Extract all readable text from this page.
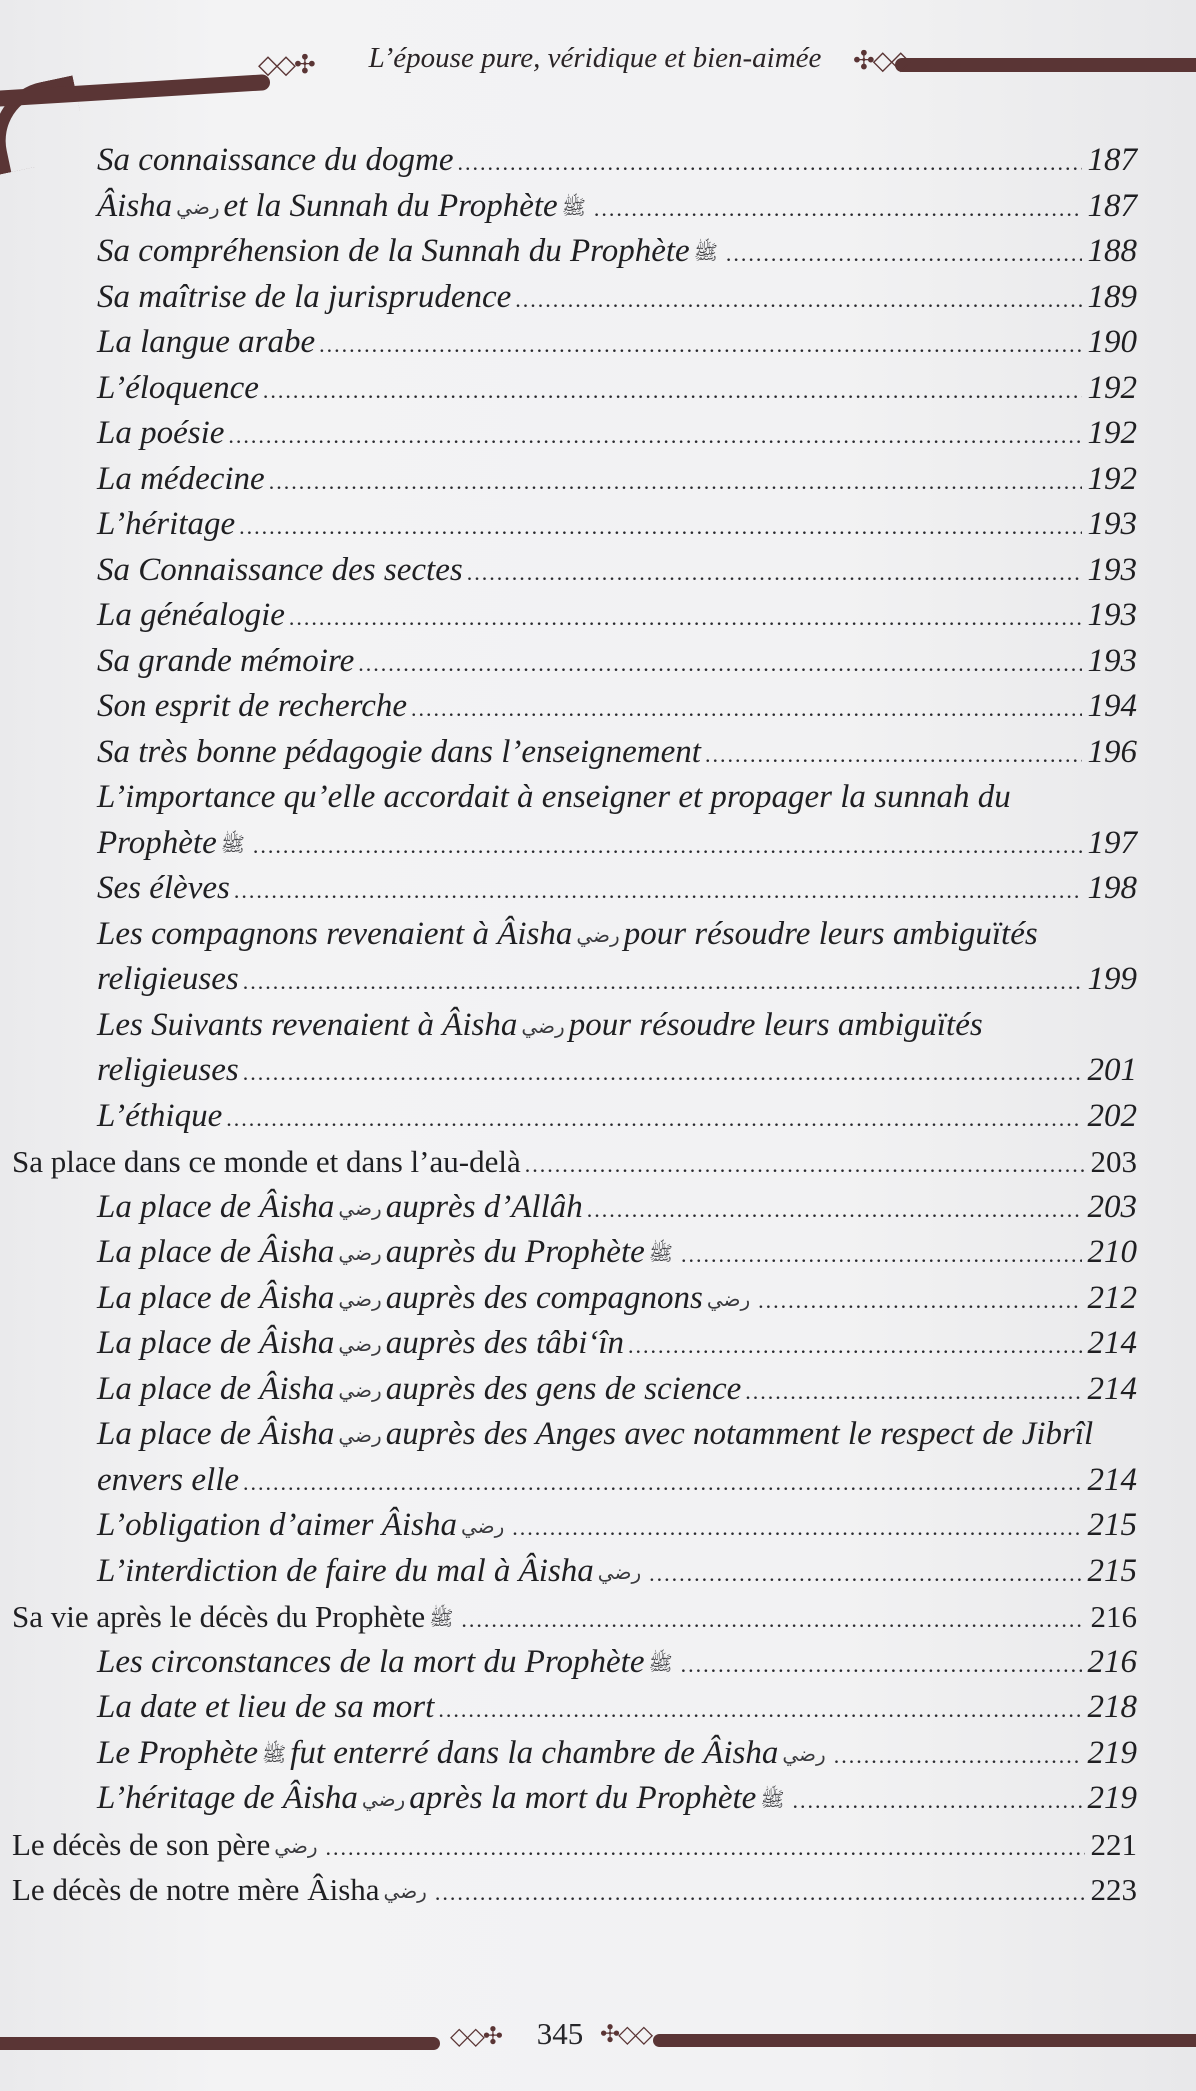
◇◇✣	L’épouse pure, véridique et bien-aimée	✣◇◇
Sa connaissance du dogme .....	187
Âisha رضي et la Sunnah du Prophète ﷺ .....	187
Sa compréhension de la Sunnah du Prophète ﷺ .....	188
Sa maîtrise de la jurisprudence .....	189
La langue arabe .....	190
L’éloquence .....	192
La poésie .....	192
La médecine .....	192
L’héritage .....	193
Sa Connaissance des sectes .....	193
La généalogie .....	193
Sa grande mémoire .....	193
Son esprit de recherche .....	194
Sa très bonne pédagogie dans l’enseignement .....	196
L’importance qu’elle accordait à enseigner et propager la sunnah du
Prophète ﷺ .....	197
Ses élèves .....	198
Les compagnons revenaient à Âisha رضي pour résoudre leurs ambiguïtés
religieuses .....	199
Les Suivants revenaient à Âisha رضي pour résoudre leurs ambiguïtés
religieuses .....	201
L’éthique .....	202
Sa place dans ce monde et dans l’au-delà .....	203
La place de Âisha رضي auprès d’Allâh .....	203
La place de Âisha رضي auprès du Prophète ﷺ .....	210
La place de Âisha رضي auprès des compagnons رضي .....	212
La place de Âisha رضي auprès des tâbi‘în .....	214
La place de Âisha رضي auprès des gens de science .....	214
La place de Âisha رضي auprès des Anges avec notamment le respect de Jibrîl
envers elle .....	214
L’obligation d’aimer Âisha رضي .....	215
L’interdiction de faire du mal à Âisha رضي .....	215
Sa vie après le décès du Prophète ﷺ .....	216
Les circonstances de la mort du Prophète ﷺ .....	216
La date et lieu de sa mort .....	218
Le Prophète ﷺ fut enterré dans la chambre de Âisha رضي .....	219
L’héritage de Âisha رضي après la mort du Prophète ﷺ .....	219
Le décès de son père رضي .....	221
Le décès de notre mère Âisha رضي .....	223
◇◇✣	345 ✣◇◇
